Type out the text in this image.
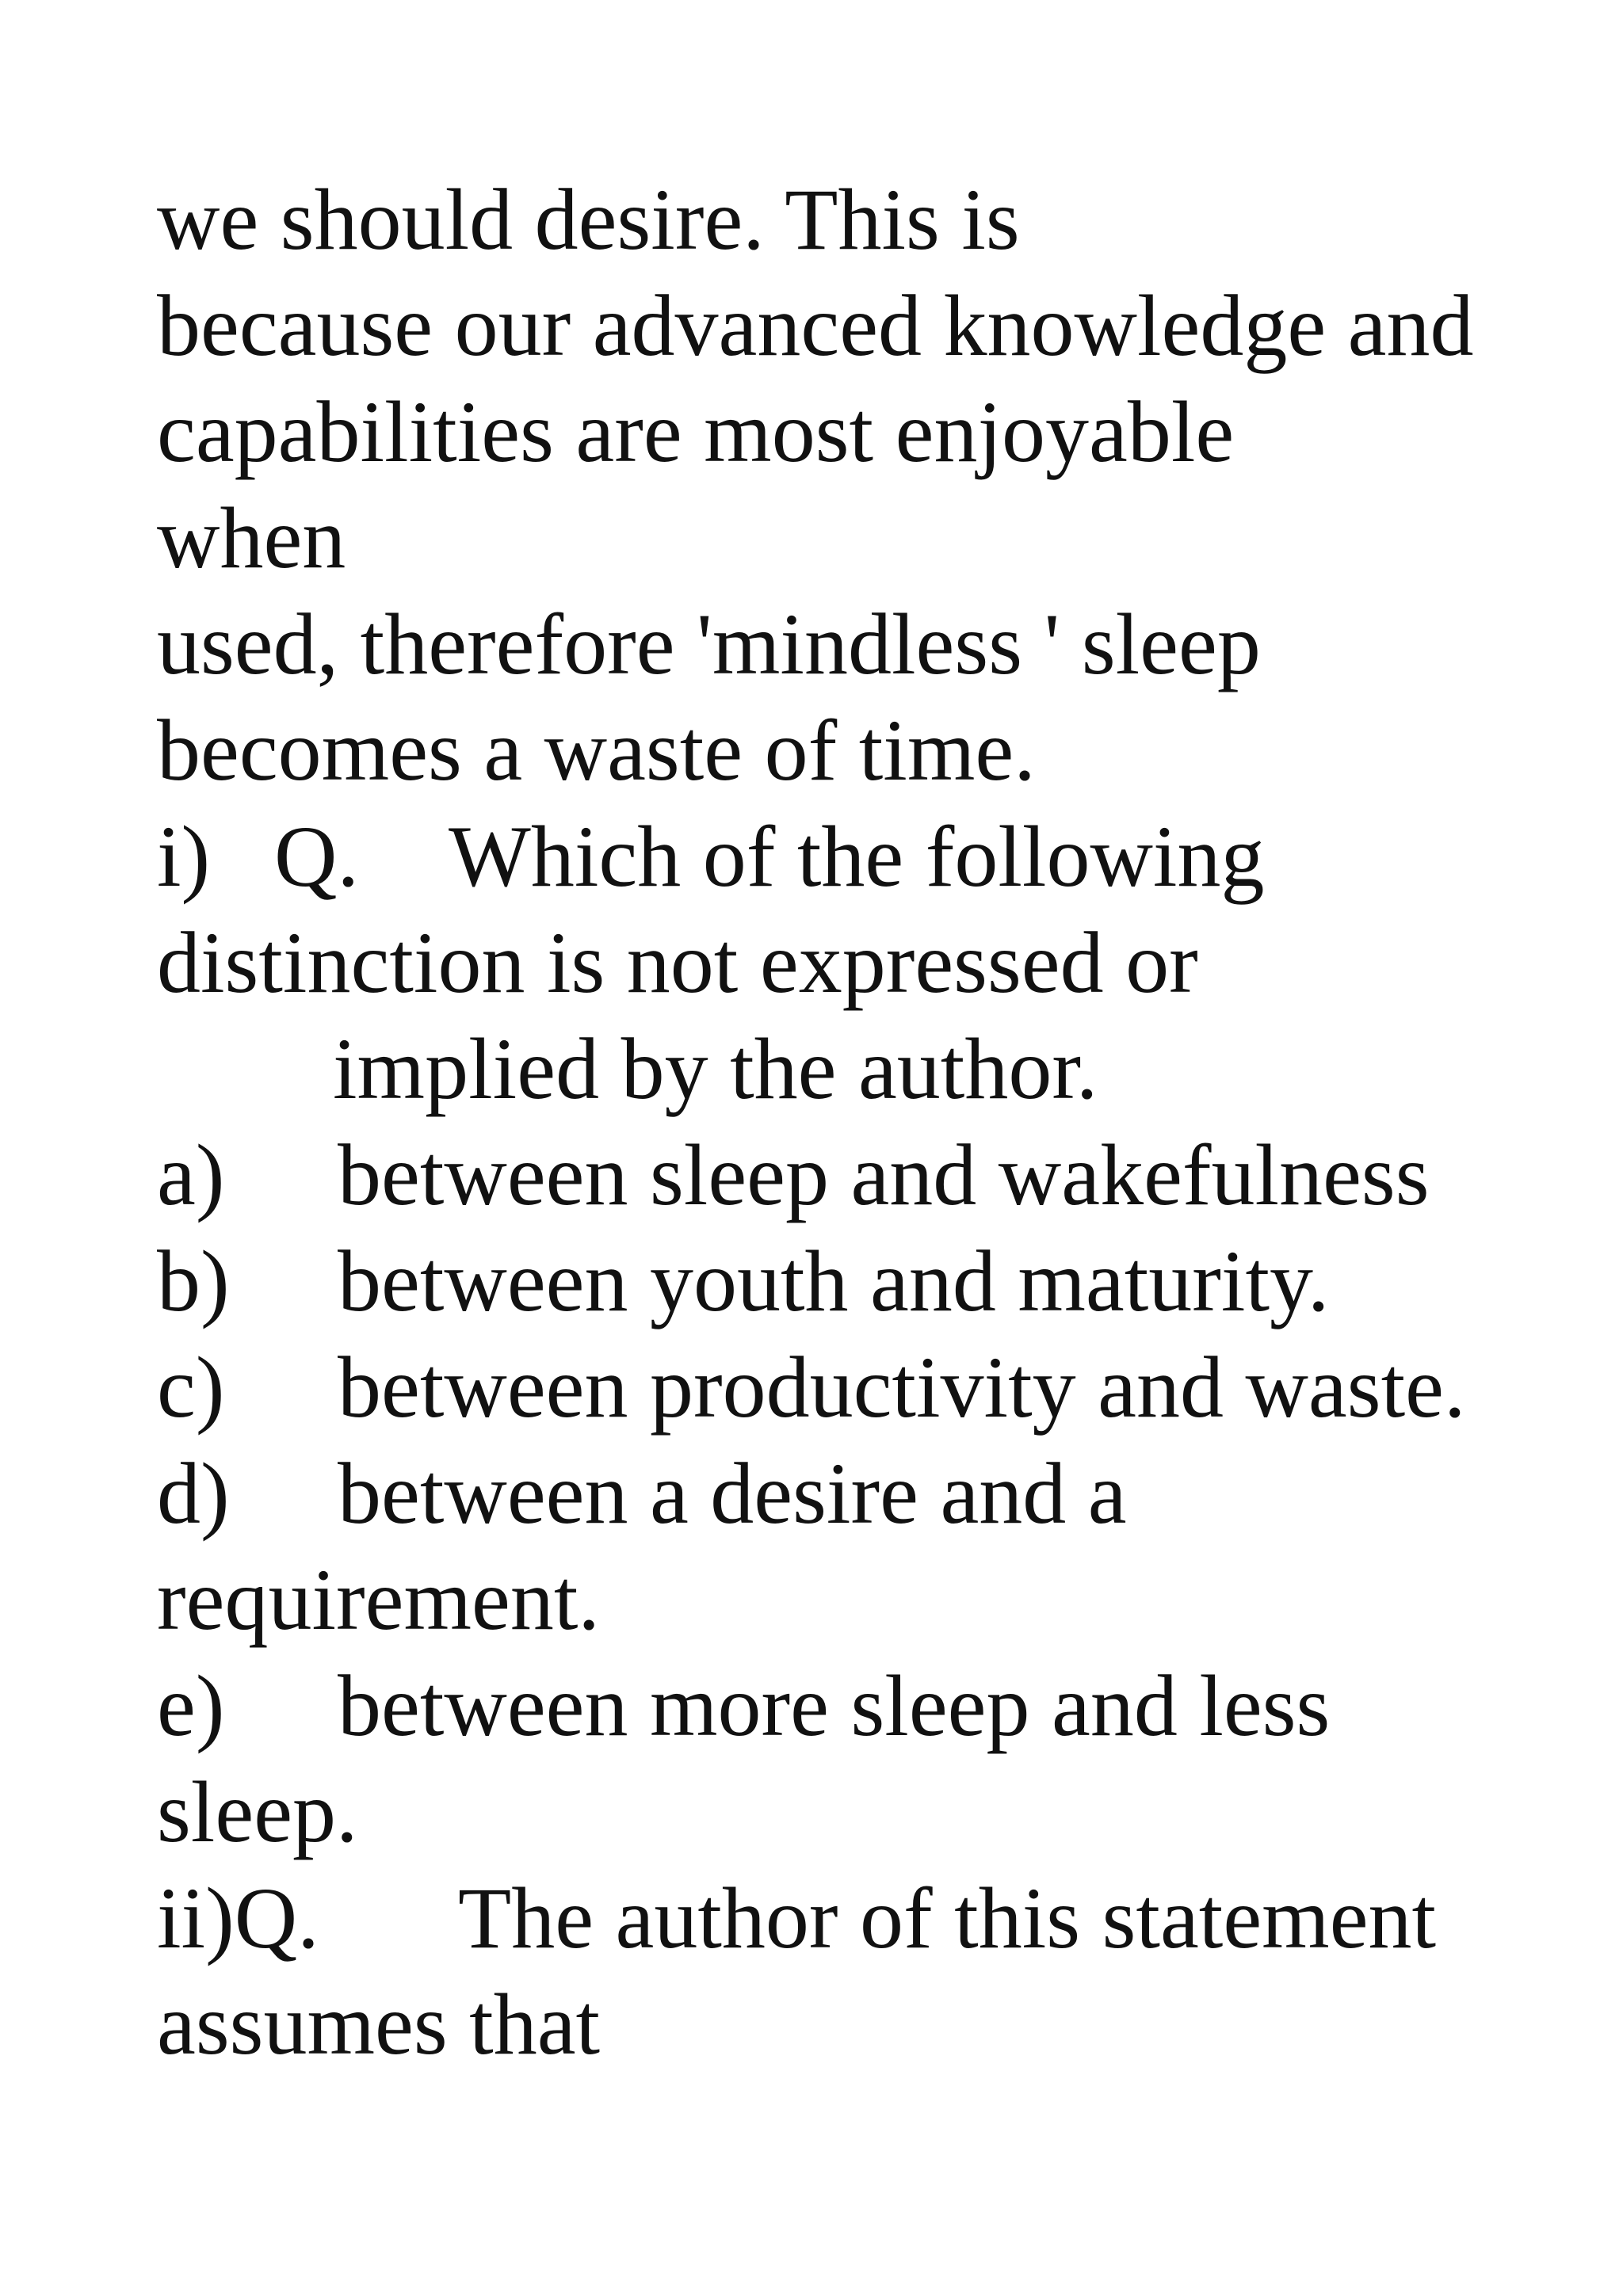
we should desire. This is
because our advanced knowledge and
capabilities are most enjoyable
when
used, therefore 'mindless ' sleep
becomes a waste of time.
i) Q.	Which of the following
distinction is not expressed or
implied by the author.
a)	between sleep and wakefulness
b)	between youth and maturity.
c)	between productivity and waste.
d)	between a desire and a
requirement.
e)	between more sleep and less
sleep.
ii)Q.	The author of this statement
assumes that
